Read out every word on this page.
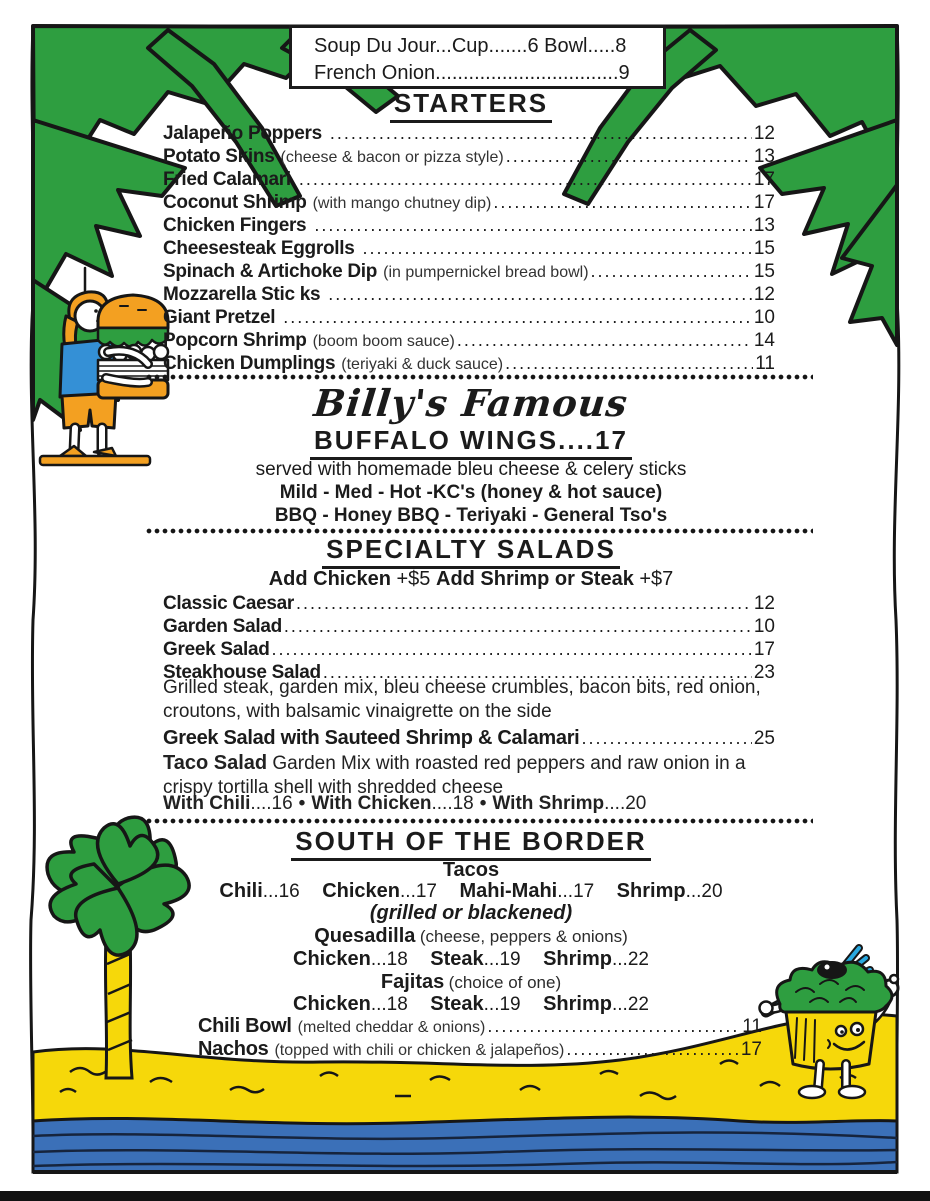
Soup Du Jour...Cup.......6 Bowl.....8
French Onion.................................9
STARTERS
Jalapeño Poppers .....	12
Potato Skins (cheese & bacon or pizza style) .....	13
Fried Calamari .....	17
Coconut Shrimp (with mango chutney dip) .....	17
Chicken Fingers .....	13
Cheesesteak Eggrolls .....	15
Spinach & Artichoke Dip (in pumpernickel bread bowl) .....	15
Mozzarella Stic ks .....	12
Giant Pretzel .....	10
Popcorn Shrimp (boom boom sauce) .....	14
Chicken Dumplings (teriyaki & duck sauce) .....	11
Billy's Famous
BUFFALO WINGS....17
served with homemade bleu cheese & celery sticks
Mild - Med - Hot -KC's (honey & hot sauce)
BBQ - Honey BBQ - Teriyaki - General Tso's
SPECIALTY SALADS
Add Chicken +$5 Add Shrimp or Steak +$7
Classic Caesar .....	12
Garden Salad .....	10
Greek Salad .....	17
Steakhouse Salad .....	23
Grilled steak, garden mix, bleu cheese crumbles, bacon bits, red onion, croutons, with balsamic vinaigrette on the side
Greek Salad with Sauteed Shrimp & Calamari .....	25
Taco Salad Garden Mix with roasted red peppers and raw onion in a crispy tortilla shell with shredded cheese
With Chili....16 • With Chicken....18 • With Shrimp....20
SOUTH OF THE BORDER
Tacos
Chili...16 Chicken...17 Mahi-Mahi...17 Shrimp...20
(grilled or blackened)
Quesadilla (cheese, peppers & onions)
Chicken...18 Steak...19 Shrimp...22
Fajitas (choice of one)
Chicken...18 Steak...19 Shrimp...22
Chili Bowl (melted cheddar & onions) .....	11
Nachos (topped with chili or chicken & jalapeños) .....	17
